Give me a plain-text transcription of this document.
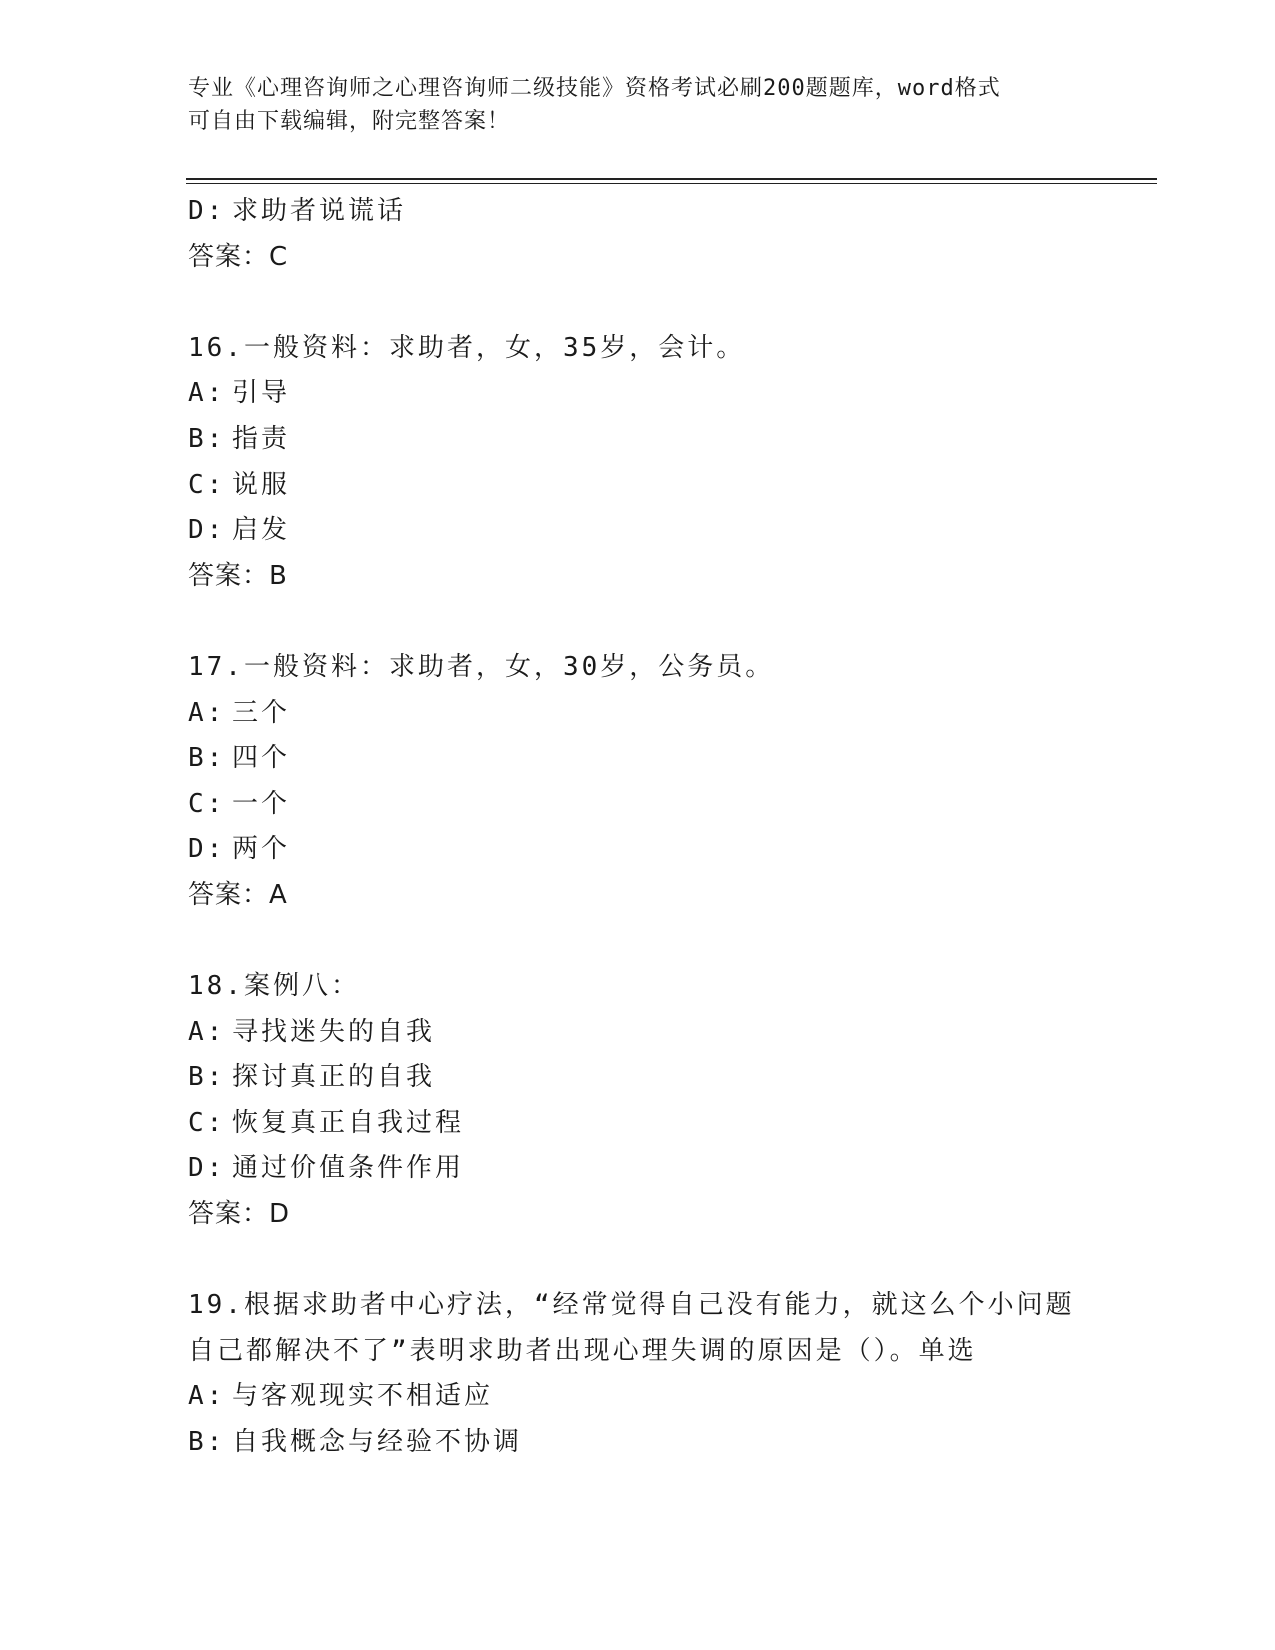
专业《心理咨询师之心理咨询师二级技能》资格考试必刷200题题库，word格式
可自由下载编辑，附完整答案！
D: 求助者说谎话
答案：C
16.一般资料：求助者，女，35岁，会计。
A: 引导
B: 指责
C: 说服
D: 启发
答案：B
17.一般资料：求助者，女，30岁，公务员。
A: 三个
B: 四个
C: 一个
D: 两个
答案：A
18.案例八：
A: 寻找迷失的自我
B: 探讨真正的自我
C: 恢复真正自我过程
D: 通过价值条件作用
答案：D
19.根据求助者中心疗法，“经常觉得自己没有能力，就这么个小问题
自己都解决不了”表明求助者出现心理失调的原因是（）。单选
A: 与客观现实不相适应
B: 自我概念与经验不协调
